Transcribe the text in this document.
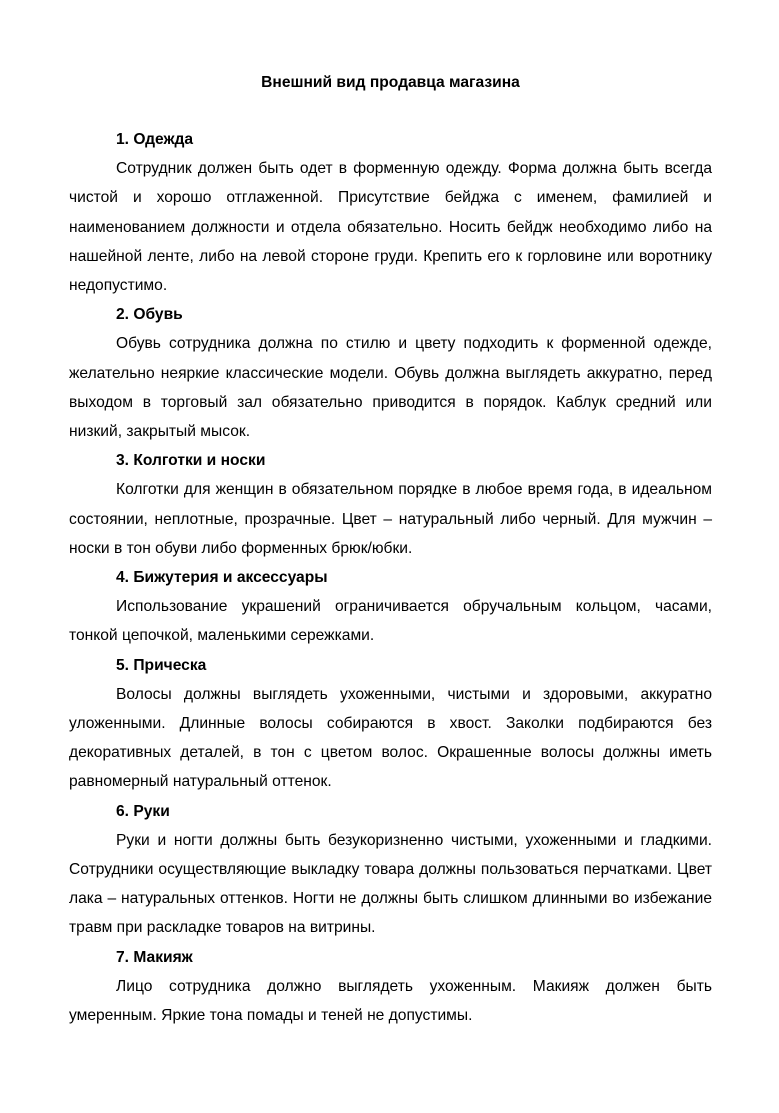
Внешний вид продавца магазина

1. Одежда

Сотрудник должен быть одет в форменную одежду. Форма должна быть всегда чистой и хорошо отглаженной. Присутствие бейджа с именем, фамилией и наименованием должности и отдела обязательно. Носить бейдж необходимо либо на нашейной ленте, либо на левой стороне груди. Крепить его к горловине или воротнику недопустимо.

2. Обувь

Обувь сотрудника должна по стилю и цвету подходить к форменной одежде, желательно неяркие классические модели. Обувь должна выглядеть аккуратно, перед выходом в торговый зал обязательно приводится в порядок. Каблук средний или низкий, закрытый мысок.

3. Колготки и носки

Колготки для женщин в обязательном порядке в любое время года, в идеальном состоянии, неплотные, прозрачные. Цвет – натуральный либо черный. Для мужчин – носки в тон обуви либо форменных брюк/юбки.

4. Бижутерия и аксессуары

Использование украшений ограничивается обручальным кольцом, часами, тонкой цепочкой, маленькими сережками.

5. Прическа

Волосы должны выглядеть ухоженными, чистыми и здоровыми, аккуратно уложенными. Длинные волосы собираются в хвост. Заколки подбираются без декоративных деталей, в тон с цветом волос. Окрашенные волосы должны иметь равномерный натуральный оттенок.

6. Руки

Руки и ногти должны быть безукоризненно чистыми, ухоженными и гладкими. Сотрудники осуществляющие выкладку товара должны пользоваться перчатками. Цвет лака – натуральных оттенков. Ногти не должны быть слишком длинными во избежание травм при раскладке товаров на витрины.

7. Макияж

Лицо сотрудника должно выглядеть ухоженным. Макияж должен быть умеренным. Яркие тона помады и теней не допустимы.
